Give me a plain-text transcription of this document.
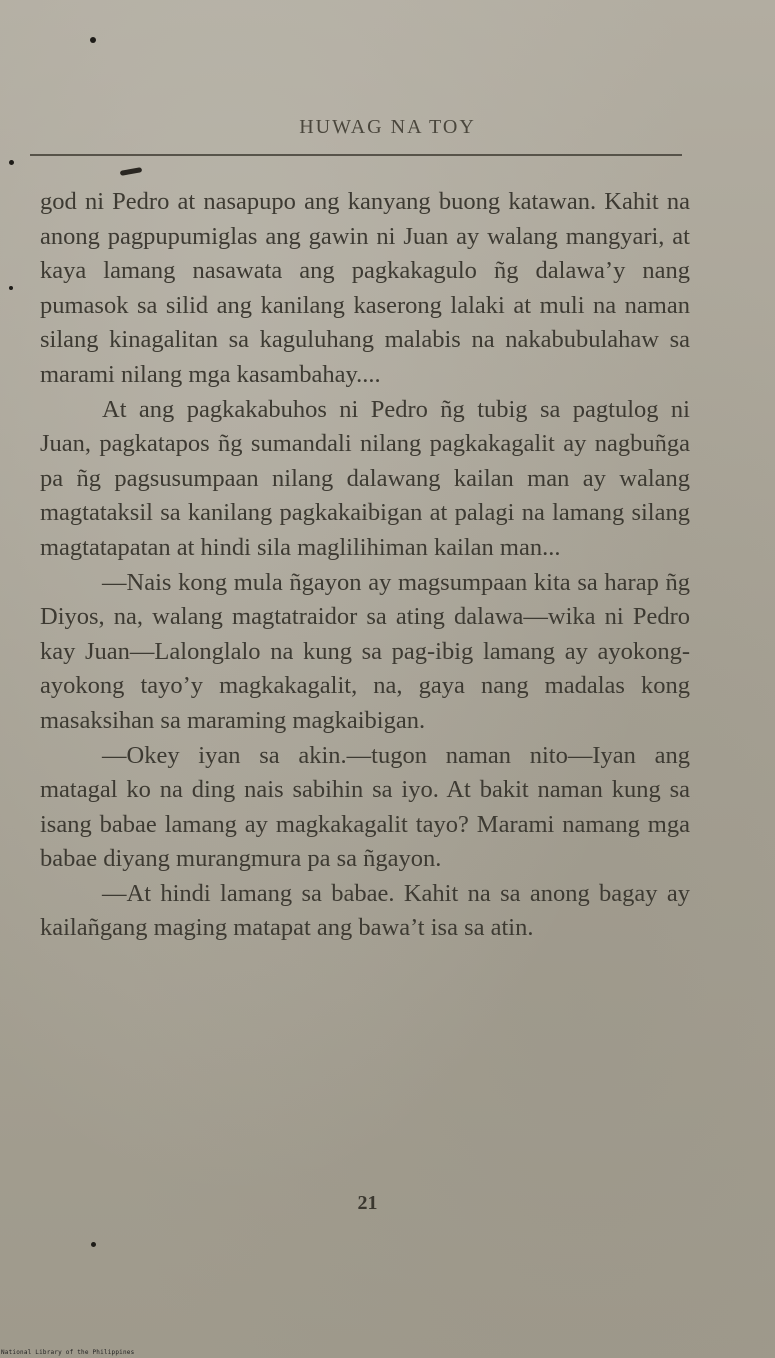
HUWAG NA TOY

god ni Pedro at nasapupo ang kanyang buong katawan. Kahit na anong pagpupumiglas ang gawin ni Juan ay walang mangyari, at kaya lamang nasawata ang pagkakagulo ñg dalawa’y nang pumasok sa silid ang kanilang kaserong lalaki at muli na naman silang kinagalitan sa kaguluhang malabis na nakabubulahaw sa marami nilang mga kasambahay....

At ang pagkakabuhos ni Pedro ñg tubig sa pagtulog ni Juan, pagkatapos ñg sumandali nilang pagkakagalit ay nagbuñga pa ñg pagsusumpaan nilang dalawang kailan man ay walang magtataksil sa kanilang pagkakaibigan at palagi na lamang silang magtatapatan at hindi sila maglilihiman kailan man...

—Nais kong mula ñgayon ay magsumpaan kita sa harap ñg Diyos, na, walang magtatraidor sa ating dalawa—wika ni Pedro kay Juan—Lalonglalo na kung sa pag-ibig lamang ay ayokong-ayokong tayo’y magkakagalit, na, gaya nang madalas kong masaksihan sa maraming magkaibigan.

—Okey iyan sa akin.—tugon naman nito—Iyan ang matagal ko na ding nais sabihin sa iyo. At bakit naman kung sa isang babae lamang ay magkakagalit tayo? Marami namang mga babae diyang murangmura pa sa ñgayon.

—At hindi lamang sa babae. Kahit na sa anong bagay ay kailañgang maging matapat ang bawa’t isa sa atin.

21
National Library of the Philippines
